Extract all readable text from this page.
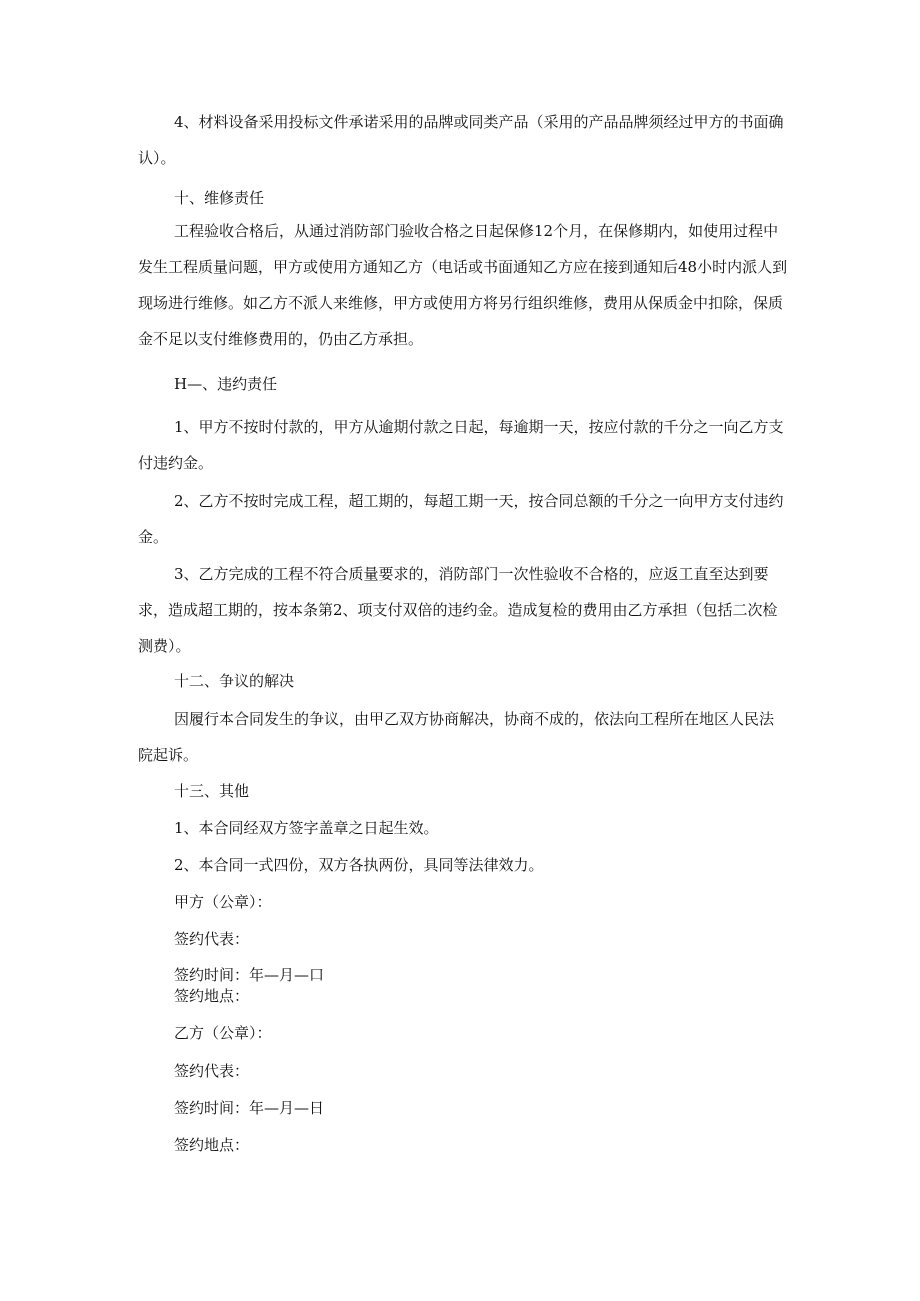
4、材料设备采用投标文件承诺采用的品牌或同类产品（采用的产品品牌须经过甲方的书面确认）。

十、维修责任

工程验收合格后，从通过消防部门验收合格之日起保修12个月，在保修期内，如使用过程中发生工程质量问题，甲方或使用方通知乙方（电话或书面通知乙方应在接到通知后48小时内派人到现场进行维修。如乙方不派人来维修，甲方或使用方将另行组织维修，费用从保质金中扣除，保质金不足以支付维修费用的，仍由乙方承担。

H—、违约责任

1、甲方不按时付款的，甲方从逾期付款之日起，每逾期一天，按应付款的千分之一向乙方支付违约金。

2、乙方不按时完成工程，超工期的，每超工期一天，按合同总额的千分之一向甲方支付违约金。

3、乙方完成的工程不符合质量要求的，消防部门一次性验收不合格的，应返工直至达到要求，造成超工期的，按本条第2、项支付双倍的违约金。造成复检的费用由乙方承担（包括二次检测费）。

十二、争议的解决

因履行本合同发生的争议，由甲乙双方协商解决，协商不成的，依法向工程所在地区人民法院起诉。

十三、其他

1、本合同经双方签字盖章之日起生效。

2、本合同一式四份，双方各执两份，具同等法律效力。

甲方（公章）：

签约代表：

签约时间：年—月—口

签约地点：

乙方（公章）：

签约代表：

签约时间：年—月—日

签约地点：
